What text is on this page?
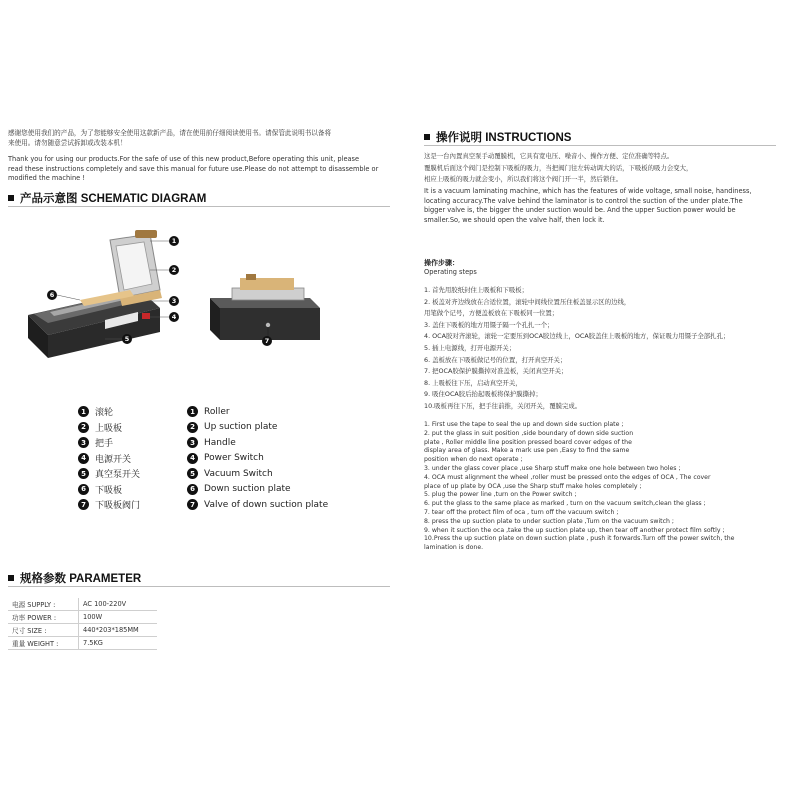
感谢您使用我们的产品，为了您能够安全使用这款新产品，请在使用前仔细阅读使用书。请保管此说明书以备将
来使用。请勿随意尝试拆卸或改装本机！
Thank you for using our products.For the safe of use of this new product,Before operating this unit, please
read these instructions completely and save this manual for future use.Please do not attempt to disassemble or
modified the machine !
产品示意图 SCHEMATIC DIAGRAM
1
2
3
4
5
6
7
1	滚轮
2	上吸板
3	把手
4	电源开关
5	真空泵开关
6	下吸板
7	下吸板阀门
1	Roller
2	Up suction plate
3	Handle
4	Power Switch
5	Vacuum Switch
6	Down suction plate
7	Valve of down suction plate
规格参数 PARAMETER
电源 SUPPLY :	AC 100-220V
功率 POWER :	100W
尺寸 SIZE :	440*203*185MM
重量 WEIGHT :	7.5KG
操作说明 INSTRUCTIONS
这是一台內置真空泵手动覆膜机，它具有宽电压、噪音小、操作方便、定位准确等特点。
覆膜机后面这个阀门是控制下吸板的吸力，当把阀门往左转动调大的话，下吸板的吸力会变大，
相应上吸板的吸力就会变小，所以我们将这个阀门开一半，然后锁住。
It is a vacuum laminating machine, which has the features of wide voltage, small noise, handiness,
locating accuracy.The valve behind the laminator is to control the suction of the under plate.The
bigger valve is, the bigger the under suction would be. And the upper Suction power would be
smaller.So, we should open the valve half, then lock it.
操作步骤：
Operating steps
1. 首先用胶纸封住上吸板和下吸板；
2. 板盖对齐边线放在合适位置，滚轮中间线位置压住板盖显示区的边线，
用笔做个记号，方便盖板放在下吸板同一位置；
3. 盖住下吸板的地方用镊子隔一个孔扎一个；
4. OCA胶对齐滚轮，滚轮一定要压到OCA胶边线上，OCA胶盖住上吸板的地方，保证吸力用镊子全部扎孔；
5. 插上电源线，打开电源开关；
6. 盖板放在下吸板做记号的位置，打开真空开关；
7. 把OCA胶保护膜撕掉对准盖板，关闭真空开关；
8. 上吸板往下压，启动真空开关，
9. 吸住OCA胶后抬起吸板将保护膜撕掉；
10.吸板再往下压，把手往前推，关闭开关，覆膜完成。
1. First use the tape to seal the up and down side suction plate ;
2. put the glass in suit position ,side boundary of down side suction
plate , Roller middle line position pressed board cover edges of the
display area of glass. Make a mark use pen ,Easy to find the same
position when do next operate ;
3. under the glass cover place ,use Sharp stuff make one hole between two holes ;
4. OCA must alignment the wheel ,roller must be pressed onto the edges of OCA , The cover
place of up plate by OCA ,use the Sharp stuff make holes completely ;
5. plug the power line ,turn on the Power switch ;
6. put the glass to the same place as marked , turn on the vacuum switch,clean the glass ;
7. tear off the protect film of oca , turn off the vacuum switch ;
8. press the up suction plate to under suction plate ,Turn on the vacuum switch ;
9. when it suction the oca ,take the up suction plate up, then tear off another protect film softly ;
10.Press the up suction plate on down suction plate , push it forwards.Turn off the power switch, the
lamination is done.
